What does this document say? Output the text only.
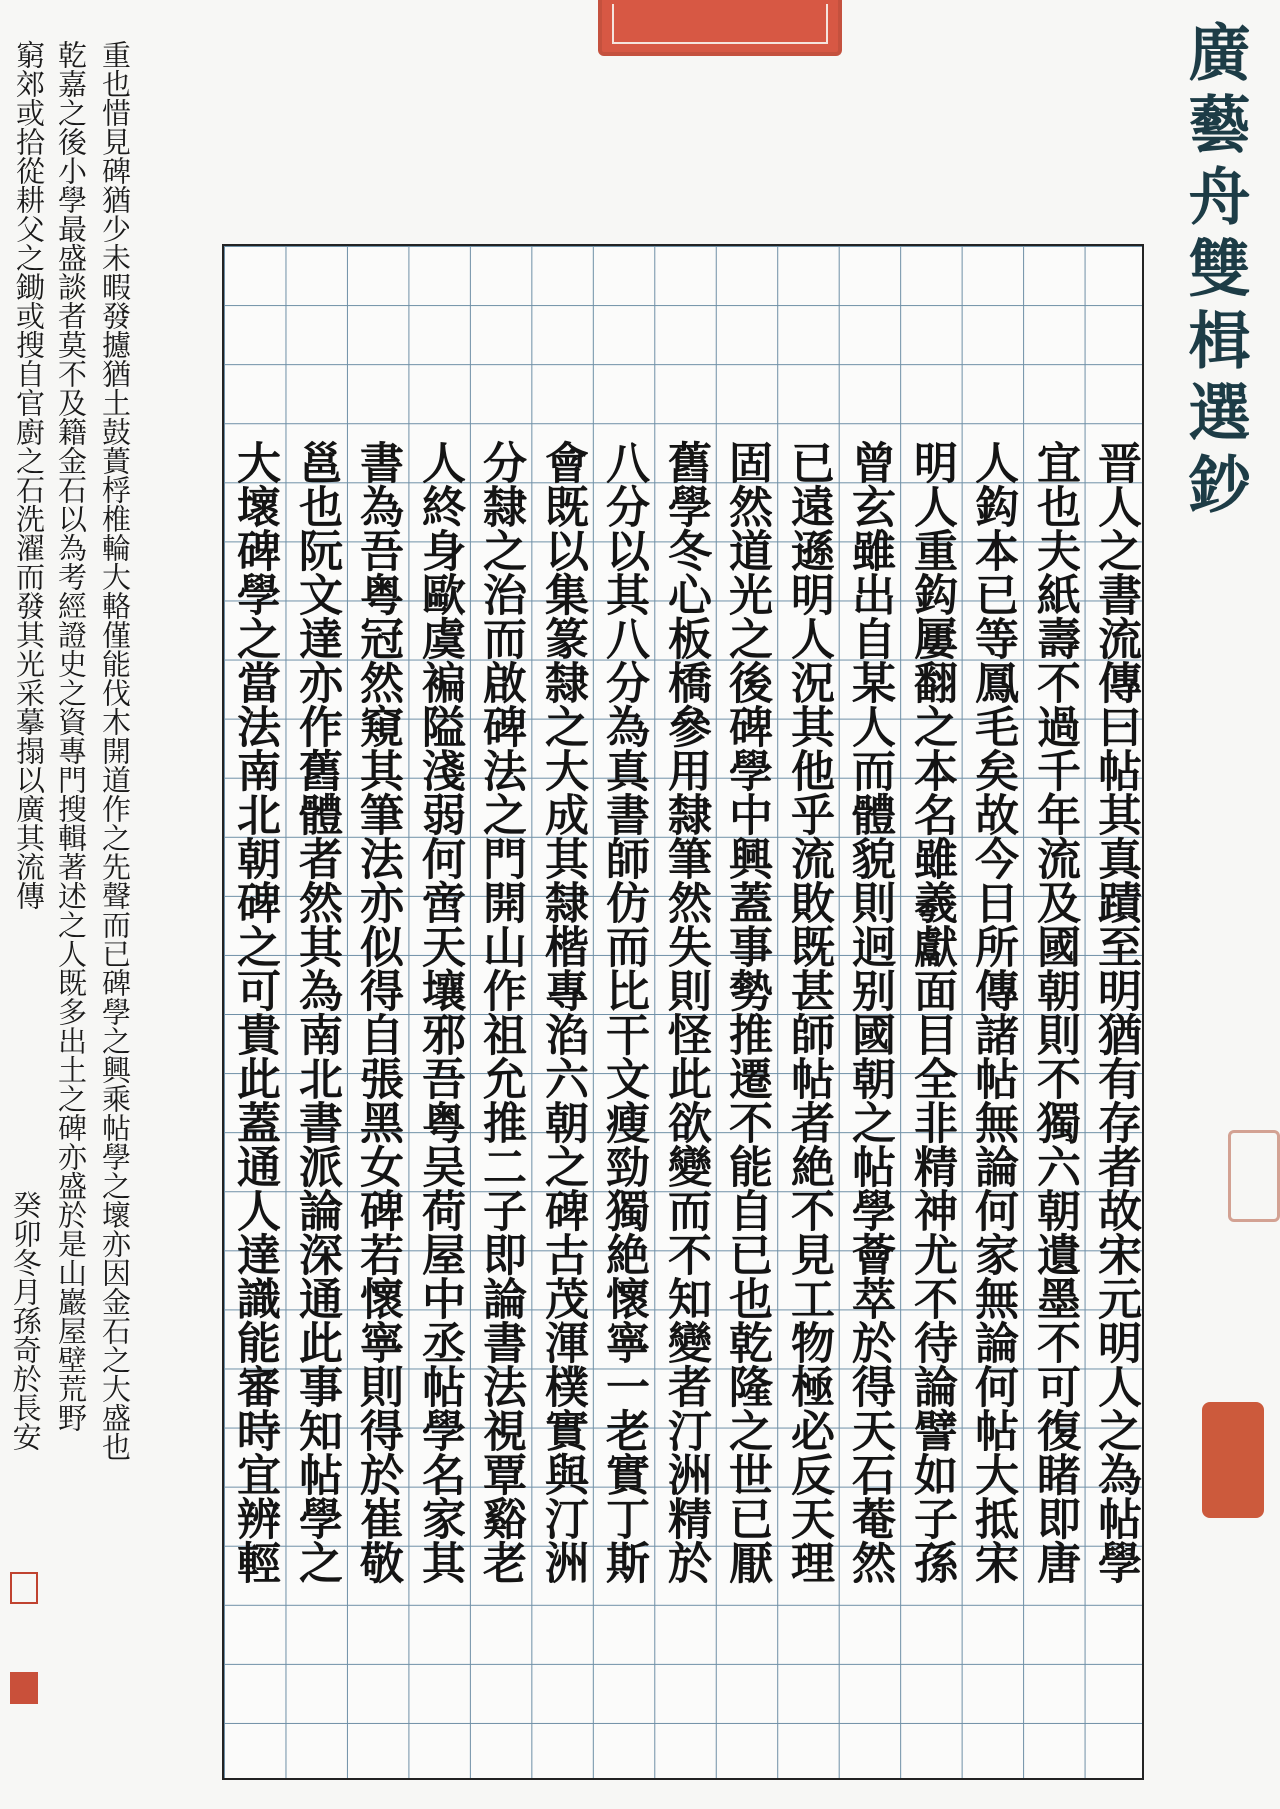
廣藝舟雙楫選鈔
晋人之書流傳曰帖其真蹟至明猶有存者故宋元明人之為帖學
宜也夫紙壽不過千年流及國朝則不獨六朝遺墨不可復睹即唐
人鈎本已等鳳毛矣故今日所傳諸帖無論何家無論何帖大抵宋
明人重鈎屢翻之本名雖羲獻面目全非精神尤不待論譬如子孫
曾玄雖出自某人而體貌則迥别國朝之帖學薈萃於得天石菴然
已遠遜明人況其他乎流敗既甚師帖者絶不見工物極必反天理
固然道光之後碑學中興蓋事勢推遷不能自已也乾隆之世已厭
舊學冬心板橋參用隸筆然失則怪此欲變而不知變者汀洲精於
八分以其八分為真書師仿而比干文瘦勁獨絶懷寧一老實丁斯
會既以集篆隸之大成其隸楷專淊六朝之碑古茂渾樸實與汀洲
分隸之治而啟碑法之門開山作祖允推二子即論書法視覃谿老
人終身歐虞褊隘淺弱何啻天壤邪吾粤吴荷屋中丞帖學名家其
書為吾粤冠然窺其筆法亦似得自張黑女碑若懷寧則得於崔敬
邕也阮文達亦作舊體者然其為南北書派論深通此事知帖學之
大壞碑學之當法南北朝碑之可貴此蓋通人達識能審時宜辨輕
重也惜見碑猶少未暇發攄猶土鼓蕢桴椎輪大輅僅能伐木開道作之先聲而已碑學之興乘帖學之壞亦因金石之大盛也
乾嘉之後小學最盛談者莫不及籍金石以為考經證史之資專門搜輯著述之人既多出土之碑亦盛於是山巖屋壁荒野
窮郊或拾從耕父之鋤或搜自官廚之石洗濯而發其光采摹搨以廣其流傳
癸卯冬月孫奇於長安
